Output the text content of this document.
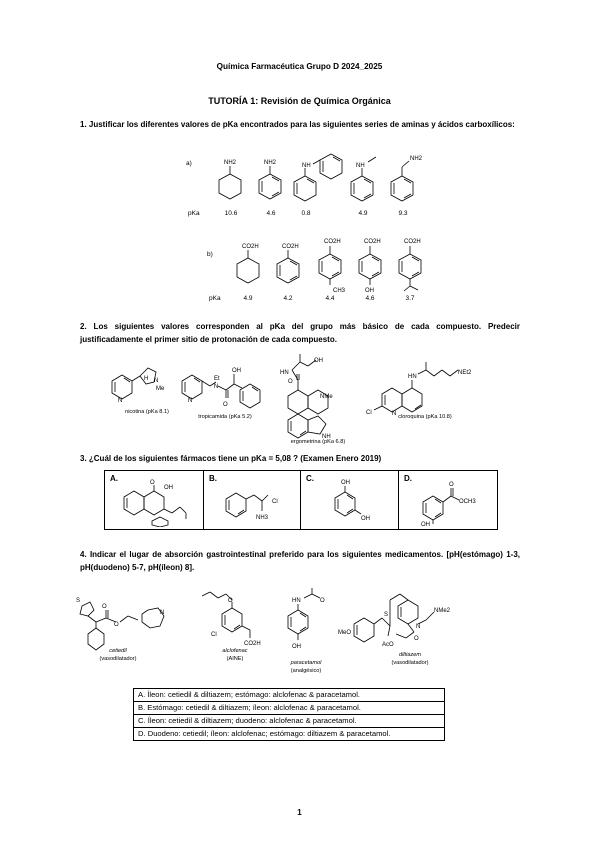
Química Farmacéutica Grupo D 2024_2025
TUTORÍA 1: Revisión de Química Orgánica
1. Justificar los diferentes valores de pKa encontrados para las siguientes series de aminas y ácidos carboxílicos:
a)
pKa
NH2	NH2	NH	NH
NH2
10.6	4.6	0.8	4.9	9.3
b)
pKa
CO2H	CO2H
CO2H
CH3
CO2H
OH
CO2H
4.9	4.2	4.4	4.6	3.7
2. Los siguientes valores corresponden al pKa del grupo más básico de cada compuesto. Predecir justificadamente el primer sitio de protonación de cada compuesto.
N
H N
Me
N
N
Et
O
OH	HN
O
OH
NMe
NH
N
HN
NEt2
Cl
nicotina (pKa 8.1)
tropicamida (pKa 5.2)
ergometrina (pKa 6.8)
cloroquina (pKa 10.8)
3. ¿Cuál de los siguientes fármacos tiene un pKa = 5,08 ? (Examen Enero 2019)
A.	O
OH
B.
NH3
Cl
C.	OH
OH
D.
O
OCH3
OH
4. Indicar el lugar de absorción gastrointestinal preferido para los siguientes medicamentos. [pH(estómago) 1-3, pH(duodeno) 5-7, pH(íleon) 8].
S
O
O
N
O
Cl
CO2H
HN	O
OH
MeO
S
N
O
AcO
NMe2
cetiedil
(vasodilatador)
alclofenac
(AINE)
paracetamol
(analgésico)
diltiazem
(vasodilatador)
A. Íleon: cetiedil & diltiazem; estómago: alclofenac & paracetamol.
B. Estómago: cetiedil & diltiazem; íleon: alclofenac & paracetamol.
C. Íleon: cetiedil & diltiazem; duodeno: alclofenac & paracetamol.
D. Duodeno: cetiedil; íleon: alclofenac; estómago: diltiazem & paracetamol.
1
